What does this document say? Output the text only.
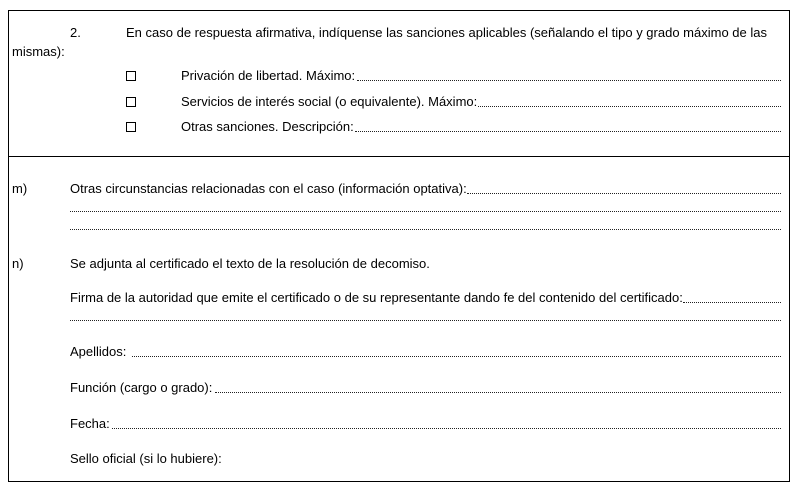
2.	En caso de respuesta afirmativa, indíquense las sanciones aplicables (señalando el tipo y grado máximo de las
mismas):
Privación de libertad. Máximo:
Servicios de interés social (o equivalente). Máximo:
Otras sanciones. Descripción:
m)	Otras circunstancias relacionadas con el caso (información optativa):
n)	Se adjunta al certificado el texto de la resolución de decomiso.
Firma de la autoridad que emite el certificado o de su representante dando fe del contenido del certificado:
Apellidos:
Función (cargo o grado):
Fecha:
Sello oficial (si lo hubiere):
